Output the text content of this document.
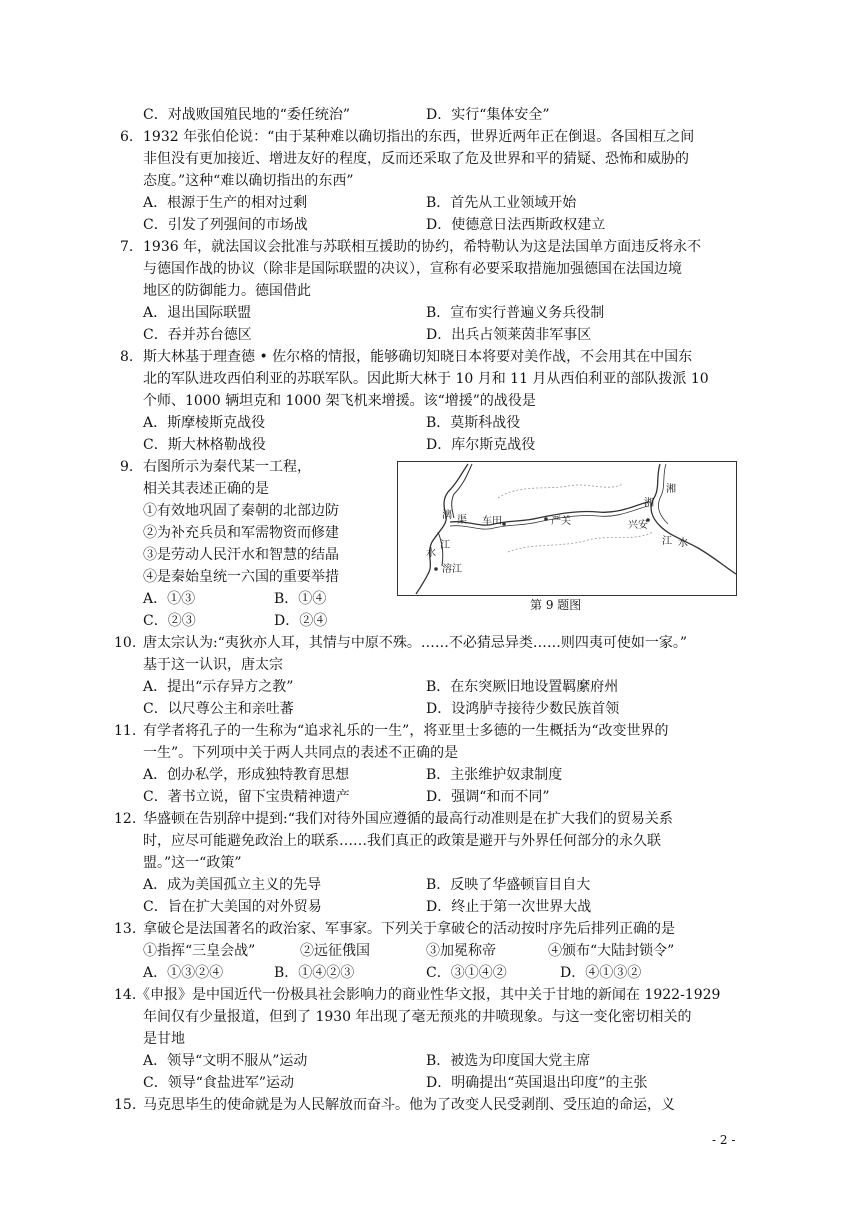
C．对战败国殖民地的“委任统治”	D．实行“集体安全”
6. 1932 年张伯伦说：“由于某种难以确切指出的东西，世界近两年正在倒退。各国相互之间
非但没有更加接近、增进友好的程度，反而还采取了危及世界和平的猜疑、恐怖和威胁的
态度。”这种“难以确切指出的东西”
A．根源于生产的相对过剩	B．首先从工业领域开始
C．引发了列强间的市场战	D．使德意日法西斯政权建立
7. 1936 年，就法国议会批准与苏联相互援助的协约，希特勒认为这是法国单方面违反将永不
与德国作战的协议（除非是国际联盟的决议），宣称有必要采取措施加强德国在法国边境
地区的防御能力。德国借此
A．退出国际联盟	B．宣布实行普遍义务兵役制
C．吞并苏台德区	D．出兵占领莱茵非军事区
8. 斯大林基于理查德 • 佐尔格的情报，能够确切知晓日本将要对美作战，不会用其在中国东
北的军队进攻西伯利亚的苏联军队。因此斯大林于 10 月和 11 月从西伯利亚的部队拨派 10
个师、1000 辆坦克和 1000 架飞机来增援。该“增援”的战役是
A．斯摩棱斯克战役	B．莫斯科战役
C．斯大林格勒战役	D．库尔斯克战役
9. 右图所示为秦代某一工程，
相关其表述正确的是
①有效地巩固了秦朝的北部边防
②为补充兵员和军需物资而修建
③是劳动人民汗水和智慧的结晶
④是秦始皇统一六国的重要举措
A．①③	B．①④
C．②③	D．②④
漓 渠 车田	严关
湘
湘
兴安
江 水
水
江
溶江
第 9 题图
10. 唐太宗认为:“夷狄亦人耳，其情与中原不殊。……不必猜忌异类……则四夷可使如一家。”
基于这一认识，唐太宗
A．提出“示存异方之教”	B．在东突厥旧地设置羁縻府州
C．以尺尊公主和亲吐蕃	D．设鸿胪寺接待少数民族首领
11. 有学者将孔子的一生称为“追求礼乐的一生”，将亚里士多德的一生概括为“改变世界的
一生”。下列项中关于两人共同点的表述不正确的是
A．创办私学，形成独特教育思想	B．主张维护奴隶制度
C．著书立说，留下宝贵精神遗产	D．强调“和而不同”
12. 华盛顿在告别辞中提到:“我们对待外国应遵循的最高行动准则是在扩大我们的贸易关系
时，应尽可能避免政治上的联系……我们真正的政策是避开与外界任何部分的永久联
盟。”这一“政策”
A．成为美国孤立主义的先导	B．反映了华盛顿盲目自大
C．旨在扩大美国的对外贸易	D．终止于第一次世界大战
13. 拿破仑是法国著名的政治家、军事家。下列关于拿破仑的活动按时序先后排列正确的是
①指挥“三皇会战”	②远征俄国	③加冕称帝	④颁布“大陆封锁令”
A．①③②④	B．①④②③	C．③①④②	D．④①③②
14. 《申报》是中国近代一份极具社会影响力的商业性华文报，其中关于甘地的新闻在 1922-1929
年间仅有少量报道，但到了 1930 年出现了毫无预兆的井喷现象。与这一变化密切相关的
是甘地
A．领导“文明不服从”运动	B．被选为印度国大党主席
C．领导“食盐进军”运动	D．明确提出“英国退出印度”的主张
15. 马克思毕生的使命就是为人民解放而奋斗。他为了改变人民受剥削、受压迫的命运，义
- 2 -
